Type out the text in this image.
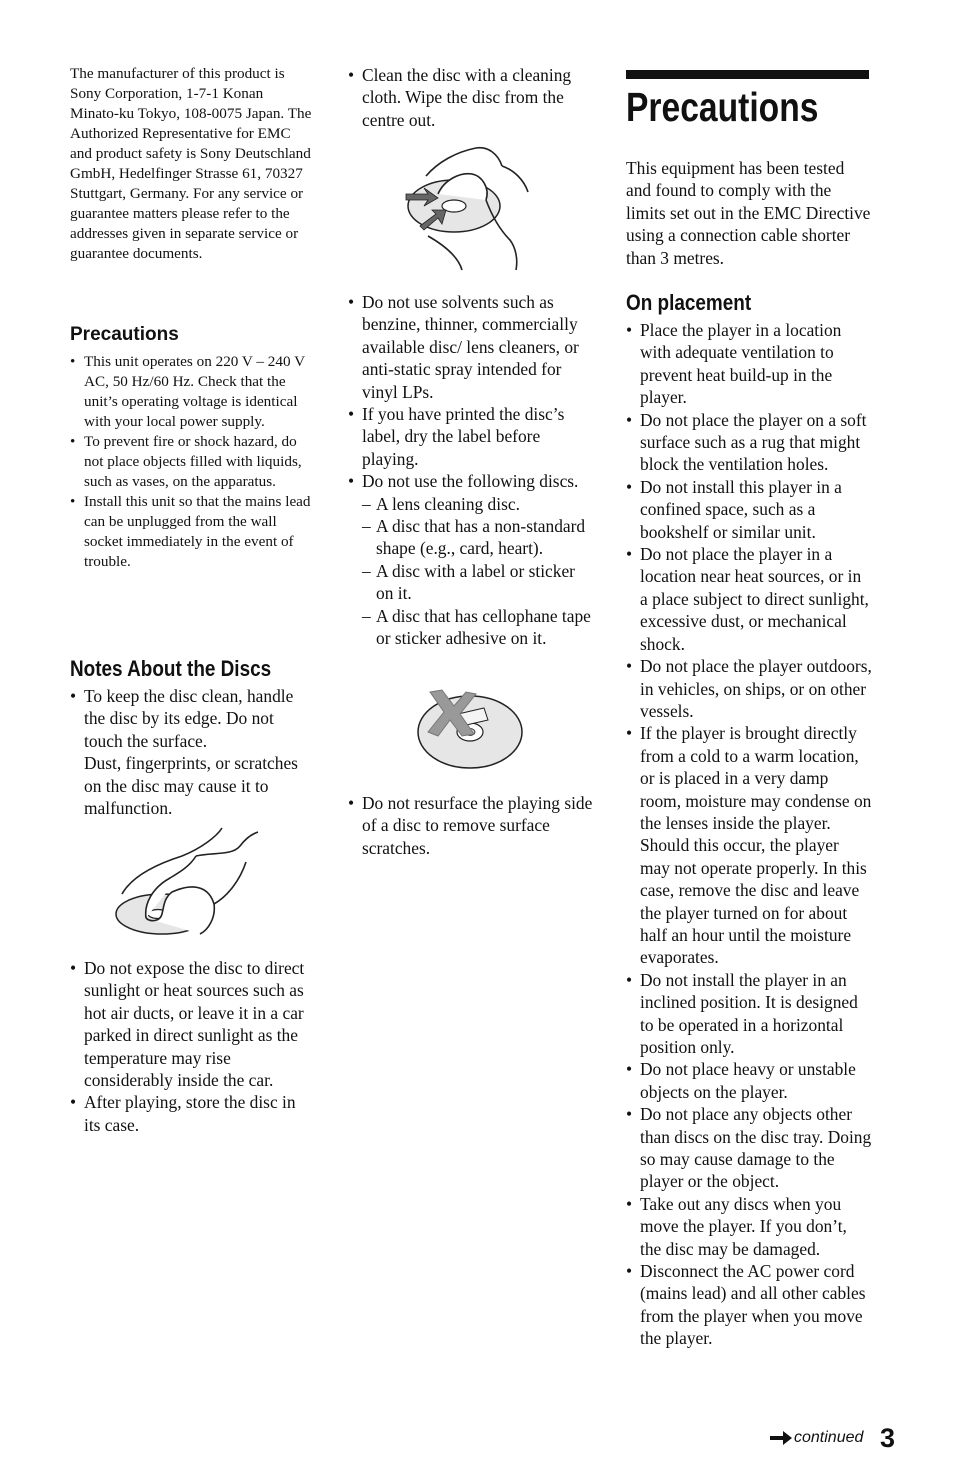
The manufacturer of this product is Sony Corporation, 1-7-1 Konan Minato-ku Tokyo, 108-0075 Japan. The Authorized Representative for EMC and product safety is Sony Deutschland GmbH, Hedelfinger Strasse 61, 70327 Stuttgart, Germany. For any service or guarantee matters please refer to the addresses given in separate service or guarantee documents.
Precautions
• This unit operates on 220 V – 240 V AC, 50 Hz/60 Hz. Check that the unit’s operating voltage is identical with your local power supply.
• To prevent fire or shock hazard, do not place objects filled with liquids, such as vases, on the apparatus.
• Install this unit so that the mains lead can be unplugged from the wall socket immediately in the event of trouble.
Notes About the Discs
• To keep the disc clean, handle the disc by its edge. Do not touch the surface.
Dust, fingerprints, or scratches on the disc may cause it to malfunction.
• Do not expose the disc to direct sunlight or heat sources such as hot air ducts, or leave it in a car parked in direct sunlight as the temperature may rise considerably inside the car.
• After playing, store the disc in its case.
• Clean the disc with a cleaning cloth. Wipe the disc from the centre out.
• Do not use solvents such as benzine, thinner, commercially available disc/ lens cleaners, or anti-static spray intended for vinyl LPs.
• If you have printed the disc’s label, dry the label before playing.
• Do not use the following discs.
– A lens cleaning disc.
– A disc that has a non-standard shape (e.g., card, heart).
– A disc with a label or sticker on it.
– A disc that has cellophane tape or sticker adhesive on it.
• Do not resurface the playing side of a disc to remove surface scratches.
Precautions
This equipment has been tested and found to comply with the limits set out in the EMC Directive using a connection cable shorter than 3 metres.
On placement
• Place the player in a location with adequate ventilation to prevent heat build-up in the player.
• Do not place the player on a soft surface such as a rug that might block the ventilation holes.
• Do not install this player in a confined space, such as a bookshelf or similar unit.
• Do not place the player in a location near heat sources, or in a place subject to direct sunlight, excessive dust, or mechanical shock.
• Do not place the player outdoors, in vehicles, on ships, or on other vessels.
• If the player is brought directly from a cold to a warm location, or is placed in a very damp room, moisture may condense on the lenses inside the player. Should this occur, the player may not operate properly. In this case, remove the disc and leave the player turned on for about half an hour until the moisture evaporates.
• Do not install the player in an inclined position. It is designed to be operated in a horizontal position only.
• Do not place heavy or unstable objects on the player.
• Do not place any objects other than discs on the disc tray. Doing so may cause damage to the player or the object.
• Take out any discs when you move the player. If you don’t, the disc may be damaged.
• Disconnect the AC power cord (mains lead) and all other cables from the player when you move the player.
continued 3
